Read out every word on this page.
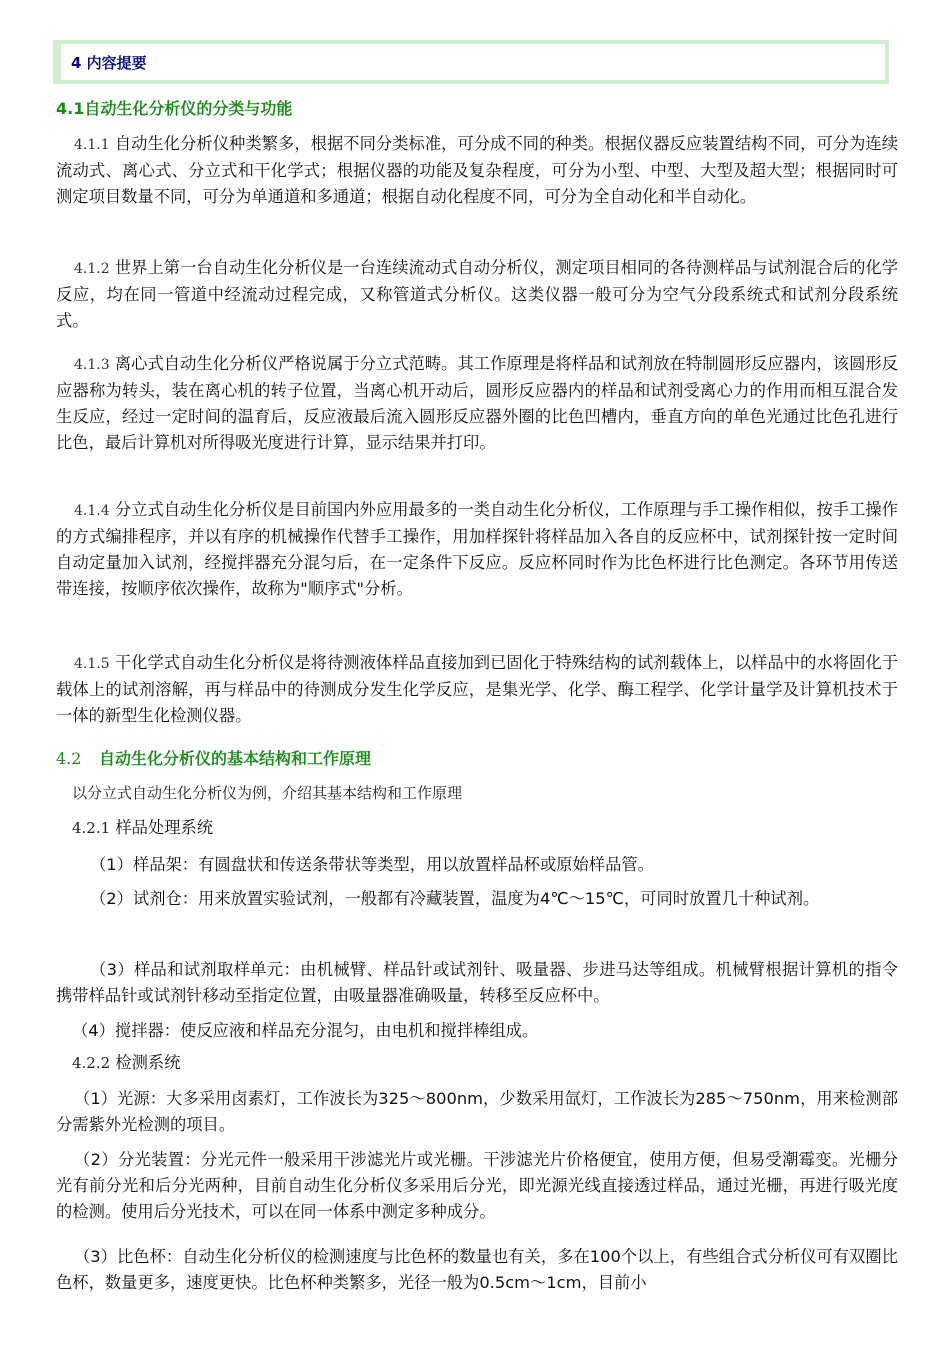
4 内容提要
4.1自动生化分析仪的分类与功能
4.1.1 自动生化分析仪种类繁多，根据不同分类标准，可分成不同的种类。根据仪器反应装置结构不同，可分为连续流动式、离心式、分立式和干化学式；根据仪器的功能及复杂程度，可分为小型、中型、大型及超大型；根据同时可测定项目数量不同，可分为单通道和多通道；根据自动化程度不同，可分为全自动化和半自动化。
4.1.2 世界上第一台自动生化分析仪是一台连续流动式自动分析仪，测定项目相同的各待测样品与试剂混合后的化学反应，均在同一管道中经流动过程完成，又称管道式分析仪。这类仪器一般可分为空气分段系统式和试剂分段系统式。
4.1.3 离心式自动生化分析仪严格说属于分立式范畴。其工作原理是将样品和试剂放在特制圆形反应器内，该圆形反应器称为转头，装在离心机的转子位置，当离心机开动后，圆形反应器内的样品和试剂受离心力的作用而相互混合发生反应，经过一定时间的温育后，反应液最后流入圆形反应器外圈的比色凹槽内，垂直方向的单色光通过比色孔进行比色，最后计算机对所得吸光度进行计算，显示结果并打印。
4.1.4 分立式自动生化分析仪是目前国内外应用最多的一类自动生化分析仪，工作原理与手工操作相似，按手工操作的方式编排程序，并以有序的机械操作代替手工操作，用加样探针将样品加入各自的反应杯中，试剂探针按一定时间自动定量加入试剂，经搅拌器充分混匀后，在一定条件下反应。反应杯同时作为比色杯进行比色测定。各环节用传送带连接，按顺序依次操作，故称为"顺序式"分析。
4.1.5 干化学式自动生化分析仪是将待测液体样品直接加到已固化于特殊结构的试剂载体上，以样品中的水将固化于载体上的试剂溶解，再与样品中的待测成分发生化学反应，是集光学、化学、酶工程学、化学计量学及计算机技术于一体的新型生化检测仪器。
4.2 自动生化分析仪的基本结构和工作原理
以分立式自动生化分析仪为例，介绍其基本结构和工作原理
4.2.1 样品处理系统
（1）样品架：有圆盘状和传送条带状等类型，用以放置样品杯或原始样品管。
（2）试剂仓：用来放置实验试剂，一般都有冷藏装置，温度为4℃～15℃，可同时放置几十种试剂。
（3）样品和试剂取样单元：由机械臂、样品针或试剂针、吸量器、步进马达等组成。机械臂根据计算机的指令携带样品针或试剂针移动至指定位置，由吸量器准确吸量，转移至反应杯中。
（4）搅拌器：使反应液和样品充分混匀，由电机和搅拌棒组成。
4.2.2 检测系统
（1）光源：大多采用卤素灯，工作波长为325～800nm，少数采用氙灯，工作波长为285～750nm，用来检测部分需紫外光检测的项目。
（2）分光装置：分光元件一般采用干涉滤光片或光栅。干涉滤光片价格便宜，使用方便，但易受潮霉变。光栅分光有前分光和后分光两种，目前自动生化分析仪多采用后分光，即光源光线直接透过样品，通过光栅，再进行吸光度的检测。使用后分光技术，可以在同一体系中测定多种成分。
（3）比色杯：自动生化分析仪的检测速度与比色杯的数量也有关，多在100个以上，有些组合式分析仪可有双圈比色杯，数量更多，速度更快。比色杯种类繁多，光径一般为0.5cm～1cm，目前小
